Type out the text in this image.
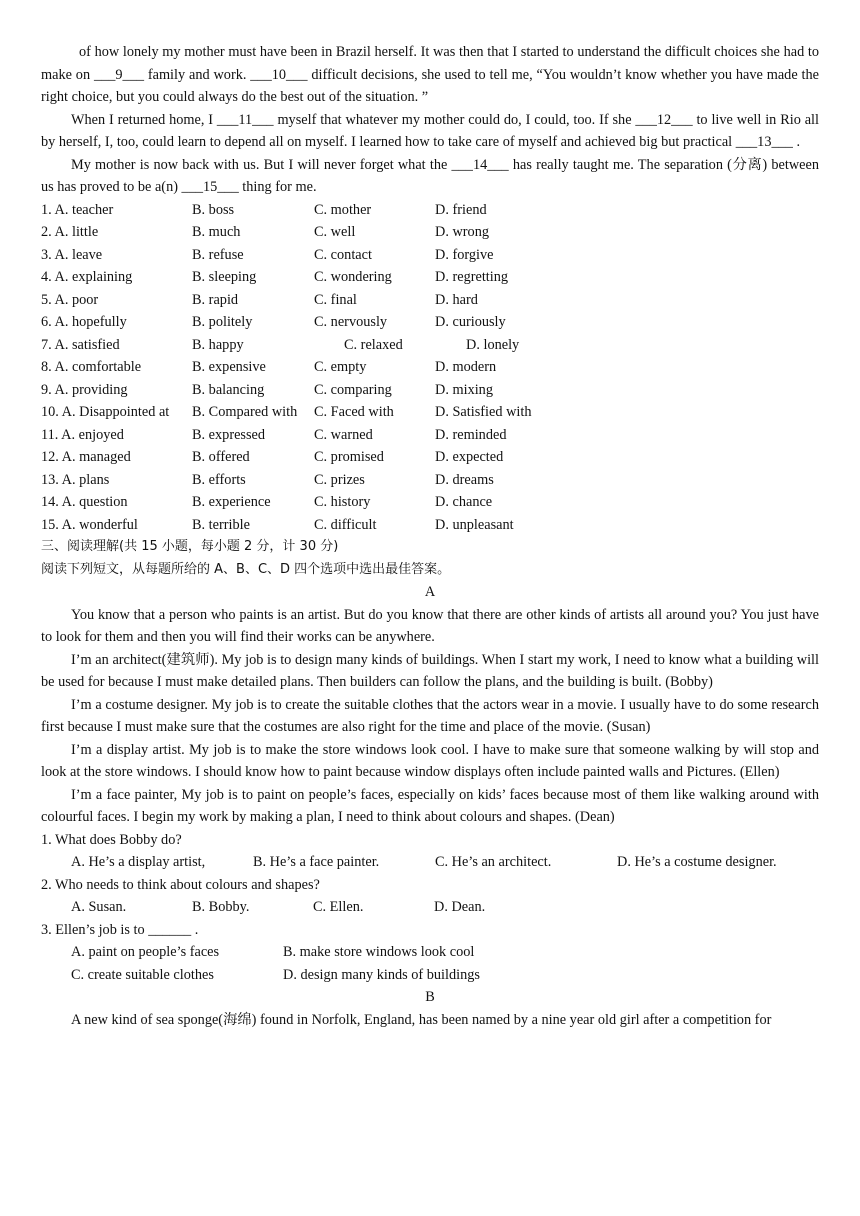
of how lonely my mother must have been in Brazil herself. It was then that I started to understand the difficult choices she had to make on ___9___ family and work. ___10___ difficult decisions, she used to tell me, “You wouldn’t know whether you have made the right choice, but you could always do the best out of the situation. ”

When I returned home, I ___11___ myself that whatever my mother could do, I could, too. If she ___12___ to live well in Rio all by herself, I, too, could learn to depend all on myself. I learned how to take care of myself and achieved big but practical ___13___ .

My mother is now back with us. But I will never forget what the ___14___ has really taught me. The separation (分离) between us has proved to be a(n) ___15___ thing for me.

1. A. teacher	B. boss	C. mother	D. friend
2. A. little	B. much	C. well	D. wrong
3. A. leave	B. refuse	C. contact	D. forgive
4. A. explaining	B. sleeping	C. wondering	D. regretting
5. A. poor	B. rapid	C. final	D. hard
6. A. hopefully	B. politely	C. nervously	D. curiously
7. A. satisfied	B. happy	C. relaxed	D. lonely
8. A. comfortable	B. expensive	C. empty	D. modern
9. A. providing	B. balancing	C. comparing	D. mixing
10. A. Disappointed at	B. Compared with	C. Faced with	D. Satisfied with
11. A. enjoyed	B. expressed	C. warned	D. reminded
12. A. managed	B. offered	C. promised	D. expected
13. A. plans	B. efforts	C. prizes	D. dreams
14. A. question	B. experience	C. history	D. chance
15. A. wonderful	B. terrible	C. difficult	D. unpleasant

三、阅读理解(共 15 小题，每小题 2 分，计 30 分)

阅读下列短文，从每题所给的 A、B、C、D 四个选项中选出最佳答案。

A

You know that a person who paints is an artist. But do you know that there are other kinds of artists all around you? You just have to look for them and then you will find their works can be anywhere.

I’m an architect(建筑师). My job is to design many kinds of buildings. When I start my work, I need to know what a building will be used for because I must make detailed plans. Then builders can follow the plans, and the building is built. (Bobby)

I’m a costume designer. My job is to create the suitable clothes that the actors wear in a movie. I usually have to do some research first because I must make sure that the costumes are also right for the time and place of the movie. (Susan)

I’m a display artist. My job is to make the store windows look cool. I have to make sure that someone walking by will stop and look at the store windows. I should know how to paint because window displays often include painted walls and Pictures. (Ellen)

I’m a face painter, My job is to paint on people’s faces, especially on kids’ faces because most of them like walking around with colourful faces. I begin my work by making a plan, I need to think about colours and shapes. (Dean)

1. What does Bobby do?

A. He’s a display artist,	B. He’s a face painter.	C. He’s an architect.	D. He’s a costume designer.

2. Who needs to think about colours and shapes?

A. Susan.	B. Bobby.	C. Ellen.	D. Dean.

3. Ellen’s job is to ______ .

A. paint on people’s faces	B. make store windows look cool
C. create suitable clothes	D. design many kinds of buildings
B

A new kind of sea sponge(海绵) found in Norfolk, England, has been named by a nine year old girl after a competition for
